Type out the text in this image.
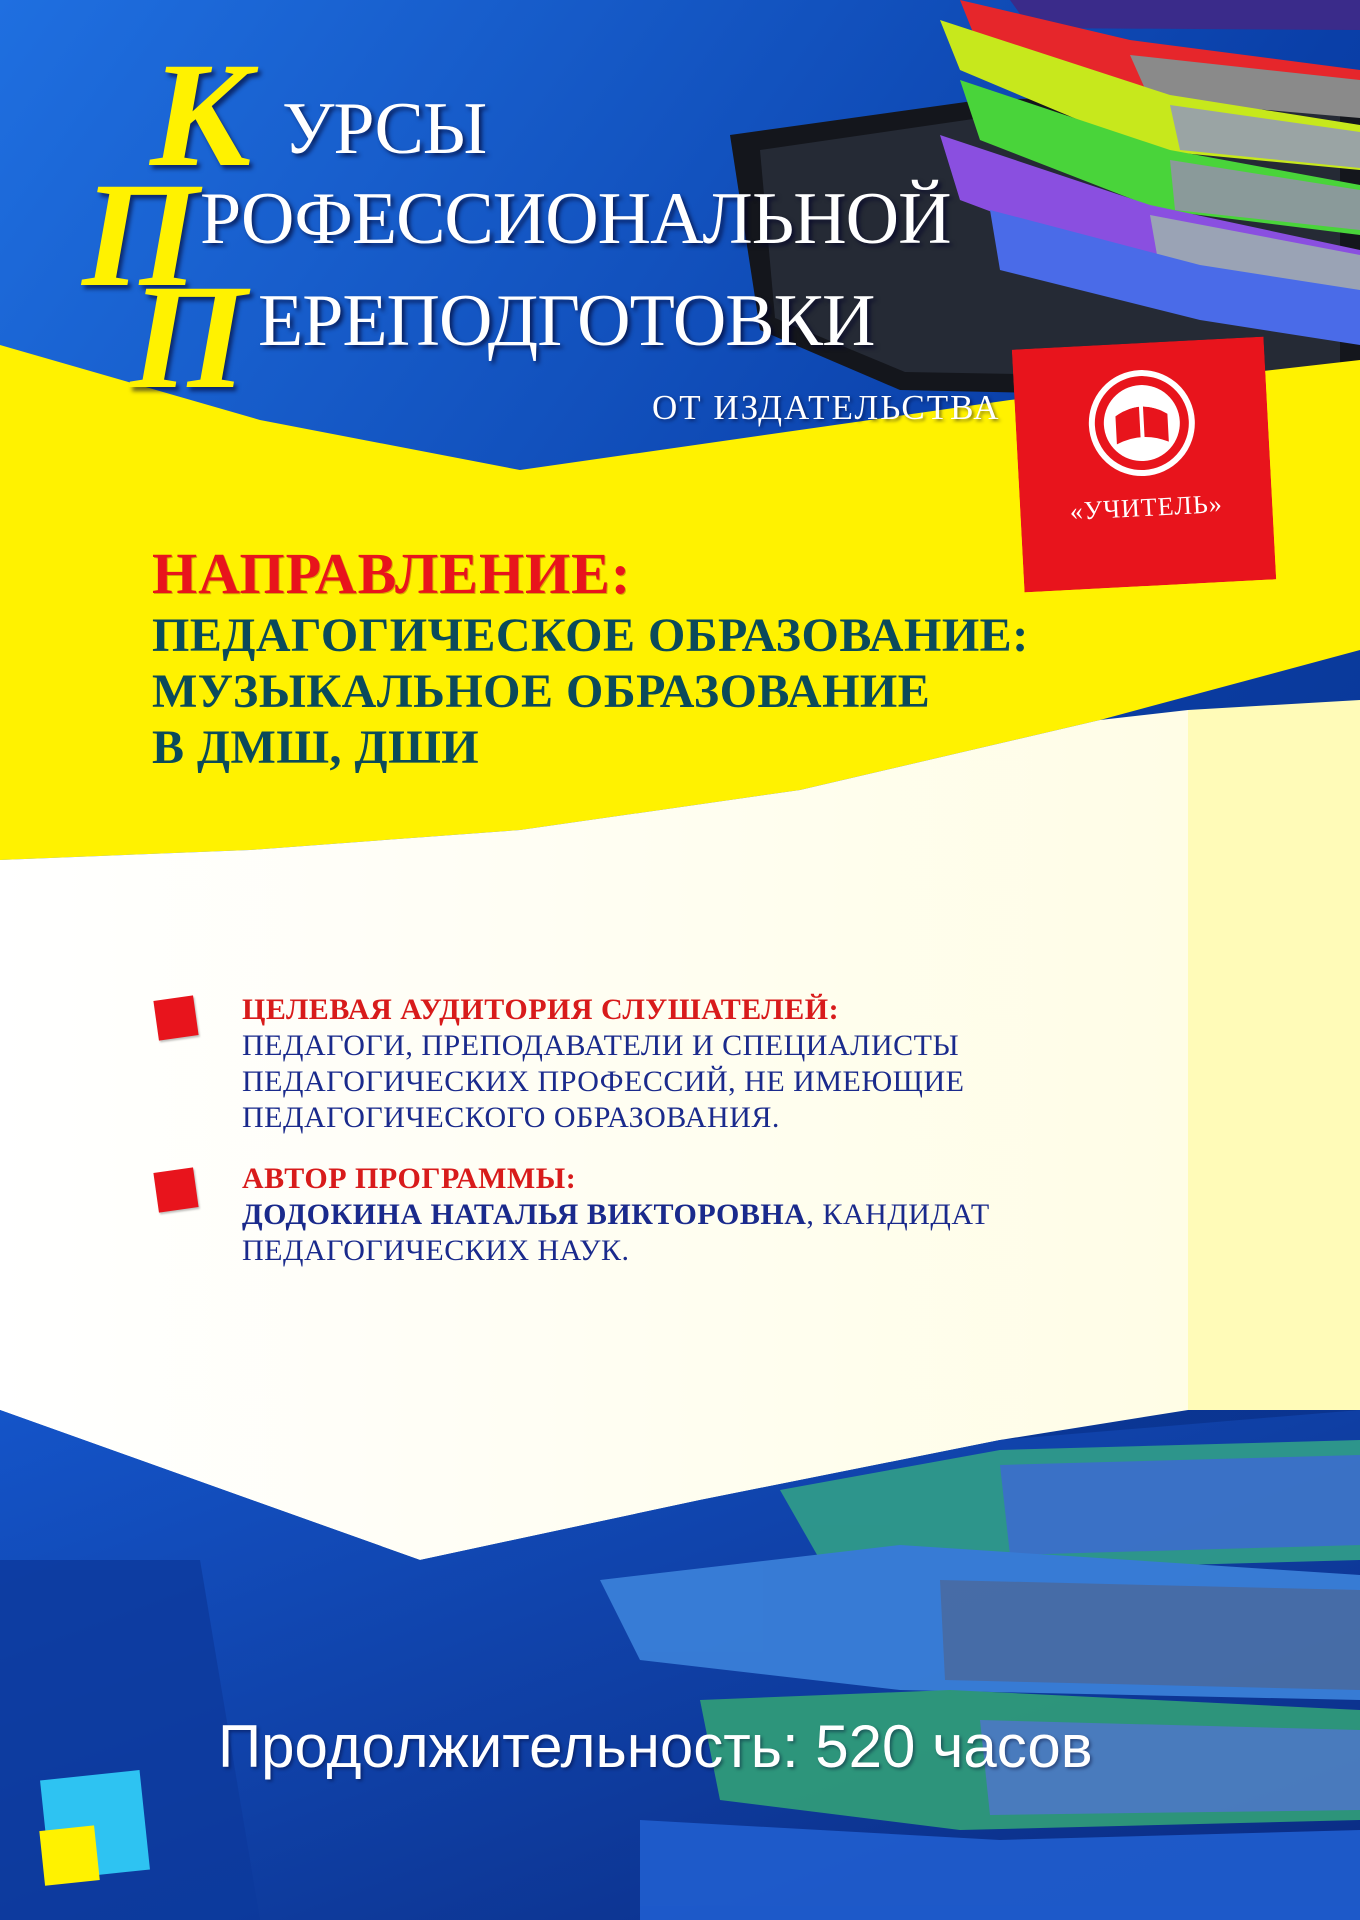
К УРСЫ
П РОФЕССИОНАЛЬНОЙ
П ЕРЕПОДГОТОВКИ
ОТ ИЗДАТЕЛЬСТВА
«УЧИТЕЛЬ»
НАПРАВЛЕНИЕ:
ПЕДАГОГИЧЕСКОЕ ОБРАЗОВАНИЕ:
МУЗЫКАЛЬНОЕ ОБРАЗОВАНИЕ
В ДМШ, ДШИ
ЦЕЛЕВАЯ АУДИТОРИЯ СЛУШАТЕЛЕЙ:
ПЕДАГОГИ, ПРЕПОДАВАТЕЛИ И СПЕЦИАЛИСТЫ
ПЕДАГОГИЧЕСКИХ ПРОФЕССИЙ, НЕ ИМЕЮЩИЕ
ПЕДАГОГИЧЕСКОГО ОБРАЗОВАНИЯ.
АВТОР ПРОГРАММЫ:
ДОДОКИНА НАТАЛЬЯ ВИКТОРОВНА, КАНДИДАТ
ПЕДАГОГИЧЕСКИХ НАУК.
Продолжительность: 520 часов
